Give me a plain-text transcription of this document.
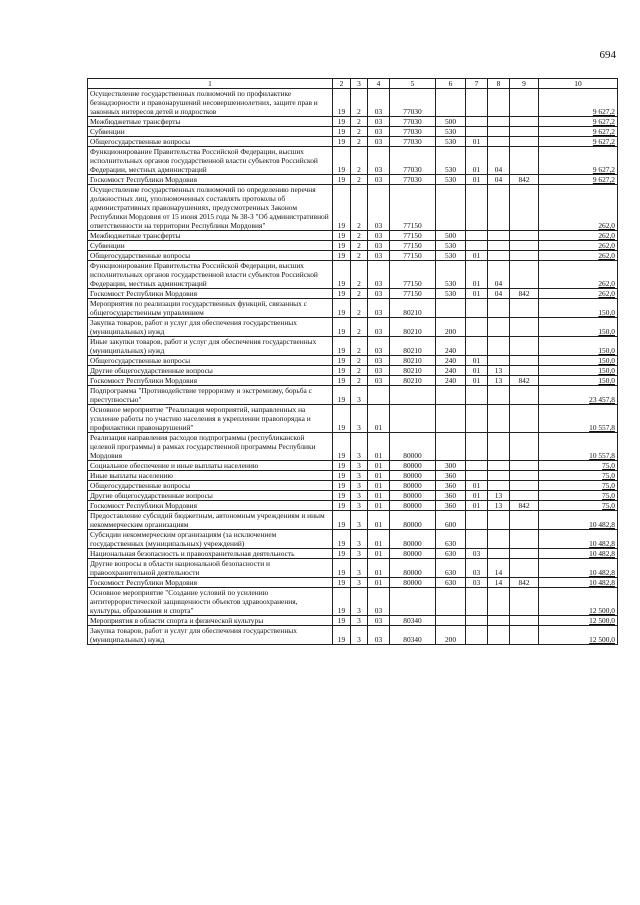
694
1	2	3	4	5	6	7	8	9	10
Осуществление государственных полномочий по профилактике безнадзорности и правонарушений несовершеннолетних, защите прав и законных интересов детей и подростков	19	2	03	77030					9 627,2
Межбюджетные трансферты	19	2	03	77030	500				9 627,2
Субвенции	19	2	03	77030	530				9 627,2
Общегосударственные вопросы	19	2	03	77030	530	01			9 627,2
Функционирование Правительства Российской Федерации, высших исполнительных органов государственной власти субъектов Российской Федерации, местных администраций	19	2	03	77030	530	01	04		9 627,2
Госкомюст Республики Мордовия	19	2	03	77030	530	01	04	842	9 627,2
Осуществление государственных полномочий по определению перечня должностных лиц, уполномоченных составлять протоколы об административных правонарушениях, предусмотренных Законом Республики Мордовия от 15 июня 2015 года № 38-З "Об административной ответственности на территории Республики Мордовия"	19	2	03	77150					262,0
Межбюджетные трансферты	19	2	03	77150	500				262,0
Субвенции	19	2	03	77150	530				262,0
Общегосударственные вопросы	19	2	03	77150	530	01			262,0
Функционирование Правительства Российской Федерации, высших исполнительных органов государственной власти субъектов Российской Федерации, местных администраций	19	2	03	77150	530	01	04		262,0
Госкомюст Республики Мордовия	19	2	03	77150	530	01	04	842	262,0
Мероприятия по реализации государственных функций, связанных с общегосударственным управлением	19	2	03	80210					150,0
Закупка товаров, работ и услуг для обеспечения государственных (муниципальных) нужд	19	2	03	80210	200				150,0
Иные закупки товаров, работ и услуг для обеспечения государственных (муниципальных) нужд	19	2	03	80210	240				150,0
Общегосударственные вопросы	19	2	03	80210	240	01			150,0
Другие общегосударственные вопросы	19	2	03	80210	240	01	13		150,0
Госкомюст Республики Мордовия	19	2	03	80210	240	01	13	842	150,0
Подпрограмма "Противодействие терроризму и экстремизму, борьба с преступностью"	19	3							23 457,8
Основное мероприятие "Реализация мероприятий, направленных на усиление работы по участию населения в укреплении правопорядка и профилактики правонарушений"	19	3	01						10 557,8
Реализация направления расходов подпрограммы (республиканской целевой программы) в рамках государственной программы Республики Мордовия	19	3	01	80000					10 557,8
Социальное обеспечение и иные выплаты населению	19	3	01	80000	300				75,0
Иные выплаты населению	19	3	01	80000	360				75,0
Общегосударственные вопросы	19	3	01	80000	360	01			75,0
Другие общегосударственные вопросы	19	3	01	80000	360	01	13		75,0
Госкомюст Республики Мордовия	19	3	01	80000	360	01	13	842	75,0
Предоставление субсидий бюджетным, автономным учреждениям и иным некоммерческим организациям	19	3	01	80000	600				10 482,8
Субсидии некоммерческим организациям (за исключением государственных (муниципальных) учреждений)	19	3	01	80000	630				10 482,8
Национальная безопасность и правоохранительная деятельность	19	3	01	80000	630	03			10 482,8
Другие вопросы в области национальной безопасности и правоохранительной деятельности	19	3	01	80000	630	03	14		10 482,8
Госкомюст Республики Мордовия	19	3	01	80000	630	03	14	842	10 482,8
Основное мероприятие "Создание условий по усилению антитеррористической защищенности объектов здравоохранения, культуры, образования и спорта"	19	3	03						12 500,0
Мероприятия в области спорта и физической культуры	19	3	03	80340					12 500,0
Закупка товаров, работ и услуг для обеспечения государственных (муниципальных) нужд	19	3	03	80340	200				12 500,0
